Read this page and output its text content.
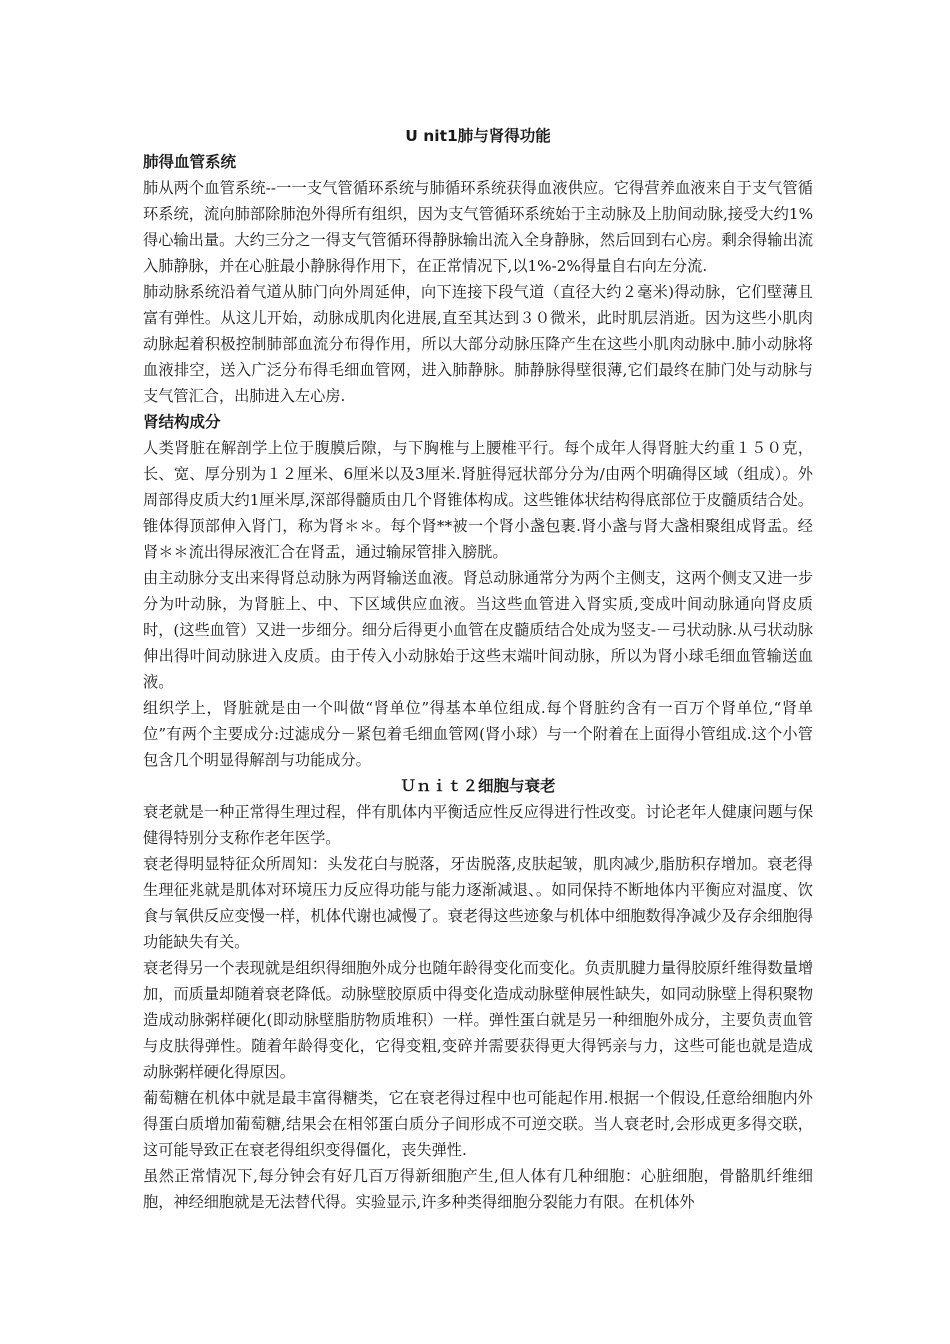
U nit1肺与肾得功能

肺得血管系统

肺从两个血管系统--一一支气管循环系统与肺循环系统获得血液供应。它得营养血液来自于支气管循环系统，流向肺部除肺泡外得所有组织，因为支气管循环系统始于主动脉及上肋间动脉,接受大约1%得心输出量。大约三分之一得支气管循环得静脉输出流入全身静脉，然后回到右心房。剩余得输出流入肺静脉，并在心脏最小静脉得作用下，在正常情况下,以1%-2%得量自右向左分流.

肺动脉系统沿着气道从肺门向外周延伸，向下连接下段气道（直径大约２毫米)得动脉，它们壁薄且富有弹性。从这儿开始，动脉成肌肉化进展,直至其达到３０微米，此时肌层消逝。因为这些小肌肉动脉起着积极控制肺部血流分布得作用，所以大部分动脉压降产生在这些小肌肉动脉中.肺小动脉将血液排空，送入广泛分布得毛细血管网，进入肺静脉。肺静脉得壁很薄,它们最终在肺门处与动脉与支气管汇合，出肺进入左心房.

肾结构成分

人类肾脏在解剖学上位于腹膜后隙，与下胸椎与上腰椎平行。每个成年人得肾脏大约重１５０克，长、宽、厚分别为１２厘米、6厘米以及3厘米.肾脏得冠状部分分为/由两个明确得区域（组成）。外周部得皮质大约1厘米厚,深部得髓质由几个肾锥体构成。这些锥体状结构得底部位于皮髓质结合处。锥体得顶部伸入肾门，称为肾＊＊。每个肾**被一个肾小盏包裹.肾小盏与肾大盏相聚组成肾盂。经肾＊＊流出得尿液汇合在肾盂，通过输尿管排入膀胱。

由主动脉分支出来得肾总动脉为两肾输送血液。肾总动脉通常分为两个主侧支，这两个侧支又进一步分为叶动脉，为肾脏上、中、下区域供应血液。当这些血管进入肾实质,变成叶间动脉通向肾皮质时，(这些血管）又进一步细分。细分后得更小血管在皮髓质结合处成为竖支-－弓状动脉.从弓状动脉伸出得叶间动脉进入皮质。由于传入小动脉始于这些末端叶间动脉，所以为肾小球毛细血管输送血液。

组织学上，肾脏就是由一个叫做“肾单位”得基本单位组成.每个肾脏约含有一百万个肾单位,“肾单位”有两个主要成分:过滤成分－紧包着毛细血管网(肾小球）与一个附着在上面得小管组成.这个小管包含几个明显得解剖与功能成分。

Ｕｎｉｔ２细胞与衰老

衰老就是一种正常得生理过程，伴有肌体内平衡适应性反应得进行性改变。讨论老年人健康问题与保健得特别分支称作老年医学。

衰老得明显特征众所周知：头发花白与脱落，牙齿脱落,皮肤起皱，肌肉减少,脂肪积存增加。衰老得生理征兆就是肌体对环境压力反应得功能与能力逐渐减退、。如同保持不断地体内平衡应对温度、饮食与氧供反应变慢一样，机体代谢也减慢了。衰老得这些迹象与机体中细胞数得净减少及存余细胞得功能缺失有关。

衰老得另一个表现就是组织得细胞外成分也随年龄得变化而变化。负责肌腱力量得胶原纤维得数量增加，而质量却随着衰老降低。动脉壁胶原质中得变化造成动脉壁伸展性缺失，如同动脉壁上得积聚物造成动脉粥样硬化(即动脉壁脂肪物质堆积）一样。弹性蛋白就是另一种细胞外成分，主要负责血管与皮肤得弹性。随着年龄得变化，它得变粗,变碎并需要获得更大得钙亲与力，这些可能也就是造成动脉粥样硬化得原因。

葡萄糖在机体中就是最丰富得糖类，它在衰老得过程中也可能起作用.根据一个假设,任意给细胞内外得蛋白质增加葡萄糖,结果会在相邻蛋白质分子间形成不可逆交联。当人衰老时,会形成更多得交联，这可能导致正在衰老得组织变得僵化，丧失弹性.

虽然正常情况下,每分钟会有好几百万得新细胞产生,但人体有几种细胞：心脏细胞，骨骼肌纤维细胞，神经细胞就是无法替代得。实验显示,许多种类得细胞分裂能力有限。在机体外
